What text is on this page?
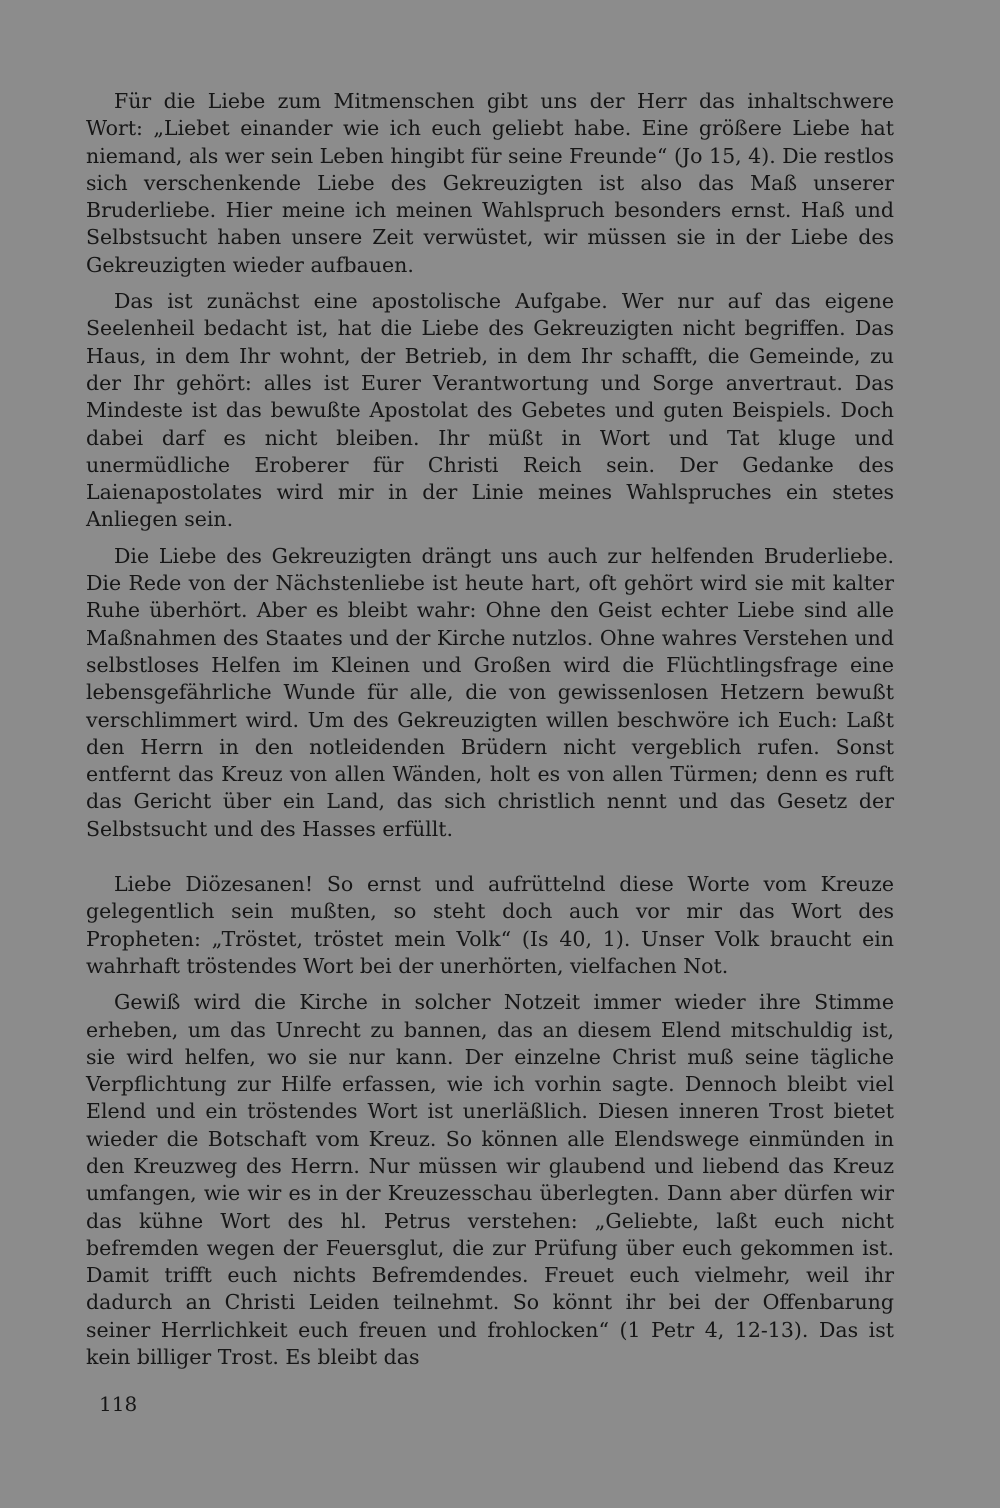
Für die Liebe zum Mitmenschen gibt uns der Herr das inhaltschwere Wort: „Liebet einander wie ich euch geliebt habe. Eine größere Liebe hat niemand, als wer sein Leben hingibt für seine Freunde“ (Jo 15, 4). Die restlos sich verschenkende Liebe des Gekreuzigten ist also das Maß unserer Bruderliebe. Hier meine ich meinen Wahlspruch besonders ernst. Haß und Selbstsucht haben unsere Zeit verwüstet, wir müssen sie in der Liebe des Gekreuzigten wieder aufbauen.

Das ist zunächst eine apostolische Aufgabe. Wer nur auf das eigene Seelenheil bedacht ist, hat die Liebe des Gekreuzigten nicht begriffen. Das Haus, in dem Ihr wohnt, der Betrieb, in dem Ihr schafft, die Gemeinde, zu der Ihr gehört: alles ist Eurer Verantwortung und Sorge anvertraut. Das Mindeste ist das bewußte Apostolat des Gebetes und guten Beispiels. Doch dabei darf es nicht bleiben. Ihr müßt in Wort und Tat kluge und unermüdliche Eroberer für Christi Reich sein. Der Gedanke des Laienapostolates wird mir in der Linie meines Wahlspruches ein stetes Anliegen sein.

Die Liebe des Gekreuzigten drängt uns auch zur helfenden Bruderliebe. Die Rede von der Nächstenliebe ist heute hart, oft gehört wird sie mit kalter Ruhe überhört. Aber es bleibt wahr: Ohne den Geist echter Liebe sind alle Maßnahmen des Staates und der Kirche nutzlos. Ohne wahres Verstehen und selbstloses Helfen im Kleinen und Großen wird die Flüchtlingsfrage eine lebensgefährliche Wunde für alle, die von gewissenlosen Hetzern bewußt verschlimmert wird. Um des Gekreuzigten willen beschwöre ich Euch: Laßt den Herrn in den notleidenden Brüdern nicht vergeblich rufen. Sonst entfernt das Kreuz von allen Wänden, holt es von allen Türmen; denn es ruft das Gericht über ein Land, das sich christlich nennt und das Gesetz der Selbstsucht und des Hasses erfüllt.

Liebe Diözesanen! So ernst und aufrüttelnd diese Worte vom Kreuze gelegentlich sein mußten, so steht doch auch vor mir das Wort des Propheten: „Tröstet, tröstet mein Volk“ (Is 40, 1). Unser Volk braucht ein wahrhaft tröstendes Wort bei der unerhörten, vielfachen Not.

Gewiß wird die Kirche in solcher Notzeit immer wieder ihre Stimme erheben, um das Unrecht zu bannen, das an diesem Elend mitschuldig ist, sie wird helfen, wo sie nur kann. Der einzelne Christ muß seine tägliche Verpflichtung zur Hilfe erfassen, wie ich vorhin sagte. Dennoch bleibt viel Elend und ein tröstendes Wort ist unerläßlich. Diesen inneren Trost bietet wieder die Botschaft vom Kreuz. So können alle Elendswege einmünden in den Kreuzweg des Herrn. Nur müssen wir glaubend und liebend das Kreuz umfangen, wie wir es in der Kreuzesschau überlegten. Dann aber dürfen wir das kühne Wort des hl. Petrus verstehen: „Geliebte, laßt euch nicht befremden wegen der Feuersglut, die zur Prüfung über euch gekommen ist. Damit trifft euch nichts Befremdendes. Freuet euch vielmehr, weil ihr dadurch an Christi Leiden teilnehmt. So könnt ihr bei der Offenbarung seiner Herrlichkeit euch freuen und frohlocken“ (1 Petr 4, 12-13). Das ist kein billiger Trost. Es bleibt das

118
